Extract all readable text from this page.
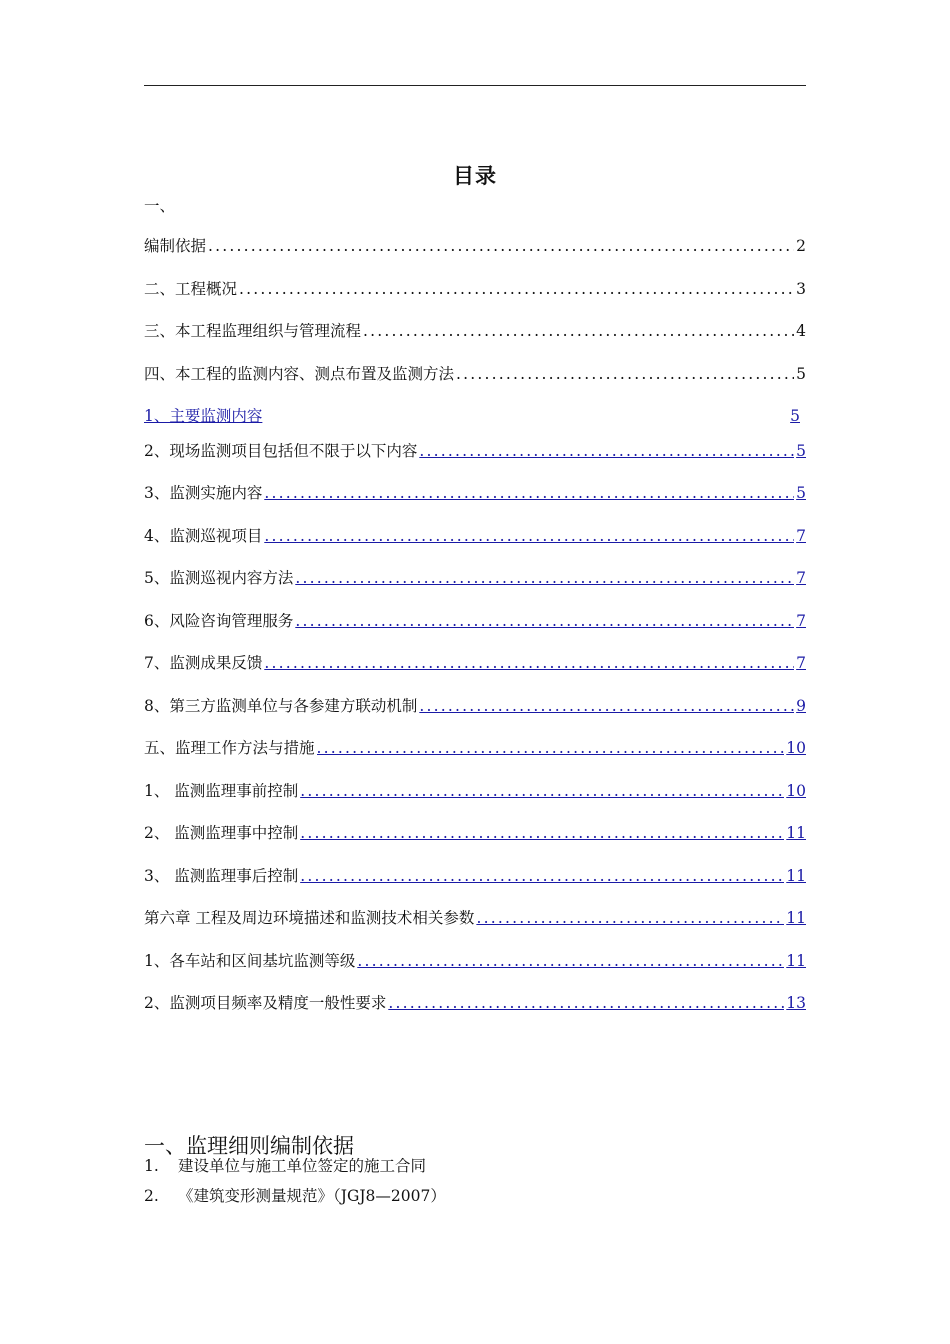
目录
一、
编制依据 .....	2
二、工程概况 .....	3
三、本工程监理组织与管理流程 .....	4
四、本工程的监测内容、测点布置及监测方法 .....	5
1、主要监测内容	5
2、现场监测项目包括但不限于以下内容 .....	5
3、监测实施内容 .....	5
4、监测巡视项目 .....	7
5、监测巡视内容方法 .....	7
6、风险咨询管理服务 .....	7
7、监测成果反馈 .....	7
8、第三方监测单位与各参建方联动机制 .....	9
五、监理工作方法与措施 .....	10
1、 监测监理事前控制 .....	10
2、 监测监理事中控制 .....	11
3、 监测监理事后控制 .....	11
第六章 工程及周边环境描述和监测技术相关参数 .....	11
1、各车站和区间基坑监测等级 .....	11
2、监测项目频率及精度一般性要求 .....	13
一、监理细则编制依据
1. 建设单位与施工单位签定的施工合同
2. 《建筑变形测量规范》（JGJ8—2007）
